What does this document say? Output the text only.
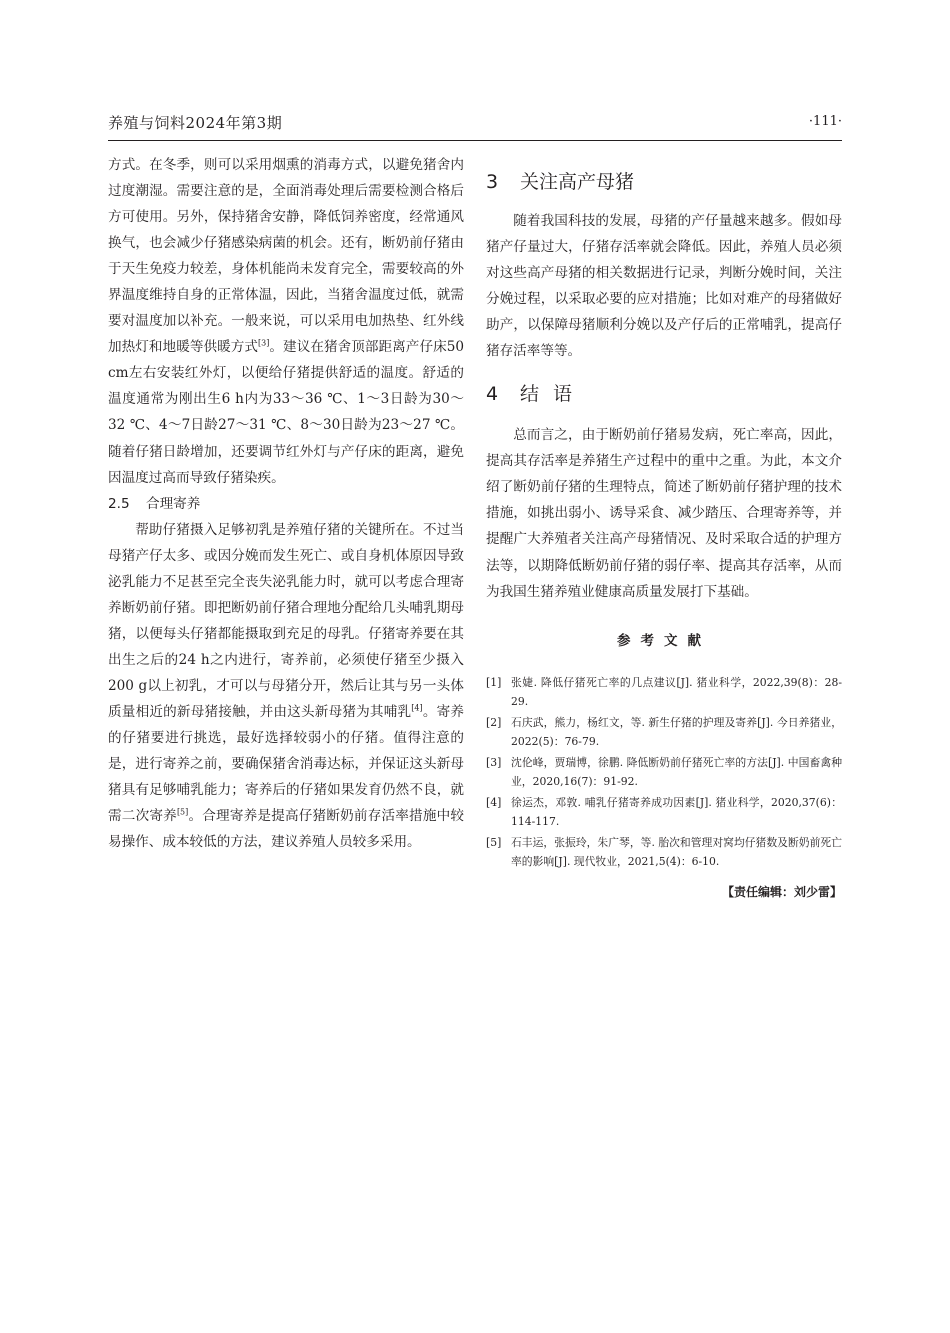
养殖与饲料2024年第3期	·111·

方式。在冬季，则可以采用烟熏的消毒方式，以避免猪舍内过度潮湿。需要注意的是，全面消毒处理后需要检测合格后方可使用。另外，保持猪舍安静，降低饲养密度，经常通风换气，也会减少仔猪感染病菌的机会。还有，断奶前仔猪由于天生免疫力较差，身体机能尚未发育完全，需要较高的外界温度维持自身的正常体温，因此，当猪舍温度过低，就需要对温度加以补充。一般来说，可以采用电加热垫、红外线加热灯和地暖等供暖方式[3]。建议在猪舍顶部距离产仔床50 cm左右安装红外灯，以便给仔猪提供舒适的温度。舒适的温度通常为刚出生6 h内为33～36 ℃、1～3日龄为30～32 ℃、4～7日龄27～31 ℃、8～30日龄为23～27 ℃。随着仔猪日龄增加，还要调节红外灯与产仔床的距离，避免因温度过高而导致仔猪染疾。

2.5 合理寄养

帮助仔猪摄入足够初乳是养殖仔猪的关键所在。不过当母猪产仔太多、或因分娩而发生死亡、或自身机体原因导致泌乳能力不足甚至完全丧失泌乳能力时，就可以考虑合理寄养断奶前仔猪。即把断奶前仔猪合理地分配给几头哺乳期母猪，以便每头仔猪都能摄取到充足的母乳。仔猪寄养要在其出生之后的24 h之内进行，寄养前，必须使仔猪至少摄入200 g以上初乳，才可以与母猪分开，然后让其与另一头体质量相近的新母猪接触，并由这头新母猪为其哺乳[4]。寄养的仔猪要进行挑选，最好选择较弱小的仔猪。值得注意的是，进行寄养之前，要确保猪舍消毒达标，并保证这头新母猪具有足够哺乳能力；寄养后的仔猪如果发育仍然不良，就需二次寄养[5]。合理寄养是提高仔猪断奶前存活率措施中较易操作、成本较低的方法，建议养殖人员较多采用。

3	关注高产母猪

随着我国科技的发展，母猪的产仔量越来越多。假如母猪产仔量过大，仔猪存活率就会降低。因此，养殖人员必须对这些高产母猪的相关数据进行记录，判断分娩时间，关注分娩过程，以采取必要的应对措施；比如对难产的母猪做好助产，以保障母猪顺利分娩以及产仔后的正常哺乳，提高仔猪存活率等等。

4	结语

总而言之，由于断奶前仔猪易发病，死亡率高，因此，提高其存活率是养猪生产过程中的重中之重。为此，本文介绍了断奶前仔猪的生理特点，简述了断奶前仔猪护理的技术措施，如挑出弱小、诱导采食、减少踏压、合理寄养等，并提醒广大养殖者关注高产母猪情况、及时采取合适的护理方法等，以期降低断奶前仔猪的弱仔率、提高其存活率，从而为我国生猪养殖业健康高质量发展打下基础。

参考文献
[1] 张婕. 降低仔猪死亡率的几点建议[J]. 猪业科学，2022,39(8)：28-29.
[2] 石庆武，熊力，杨红文，等. 新生仔猪的护理及寄养[J]. 今日养猪业，2022(5)：76-79.
[3] 沈伦峰，贾瑞博，徐鹏. 降低断奶前仔猪死亡率的方法[J]. 中国畜禽种业，2020,16(7)：91-92.
[4] 徐运杰，邓敦. 哺乳仔猪寄养成功因素[J]. 猪业科学，2020,37(6)：114-117.
[5] 石丰运，张振玲，朱广琴，等. 胎次和管理对窝均仔猪数及断奶前死亡率的影响[J]. 现代牧业，2021,5(4)：6-10.
【责任编辑：刘少雷】
